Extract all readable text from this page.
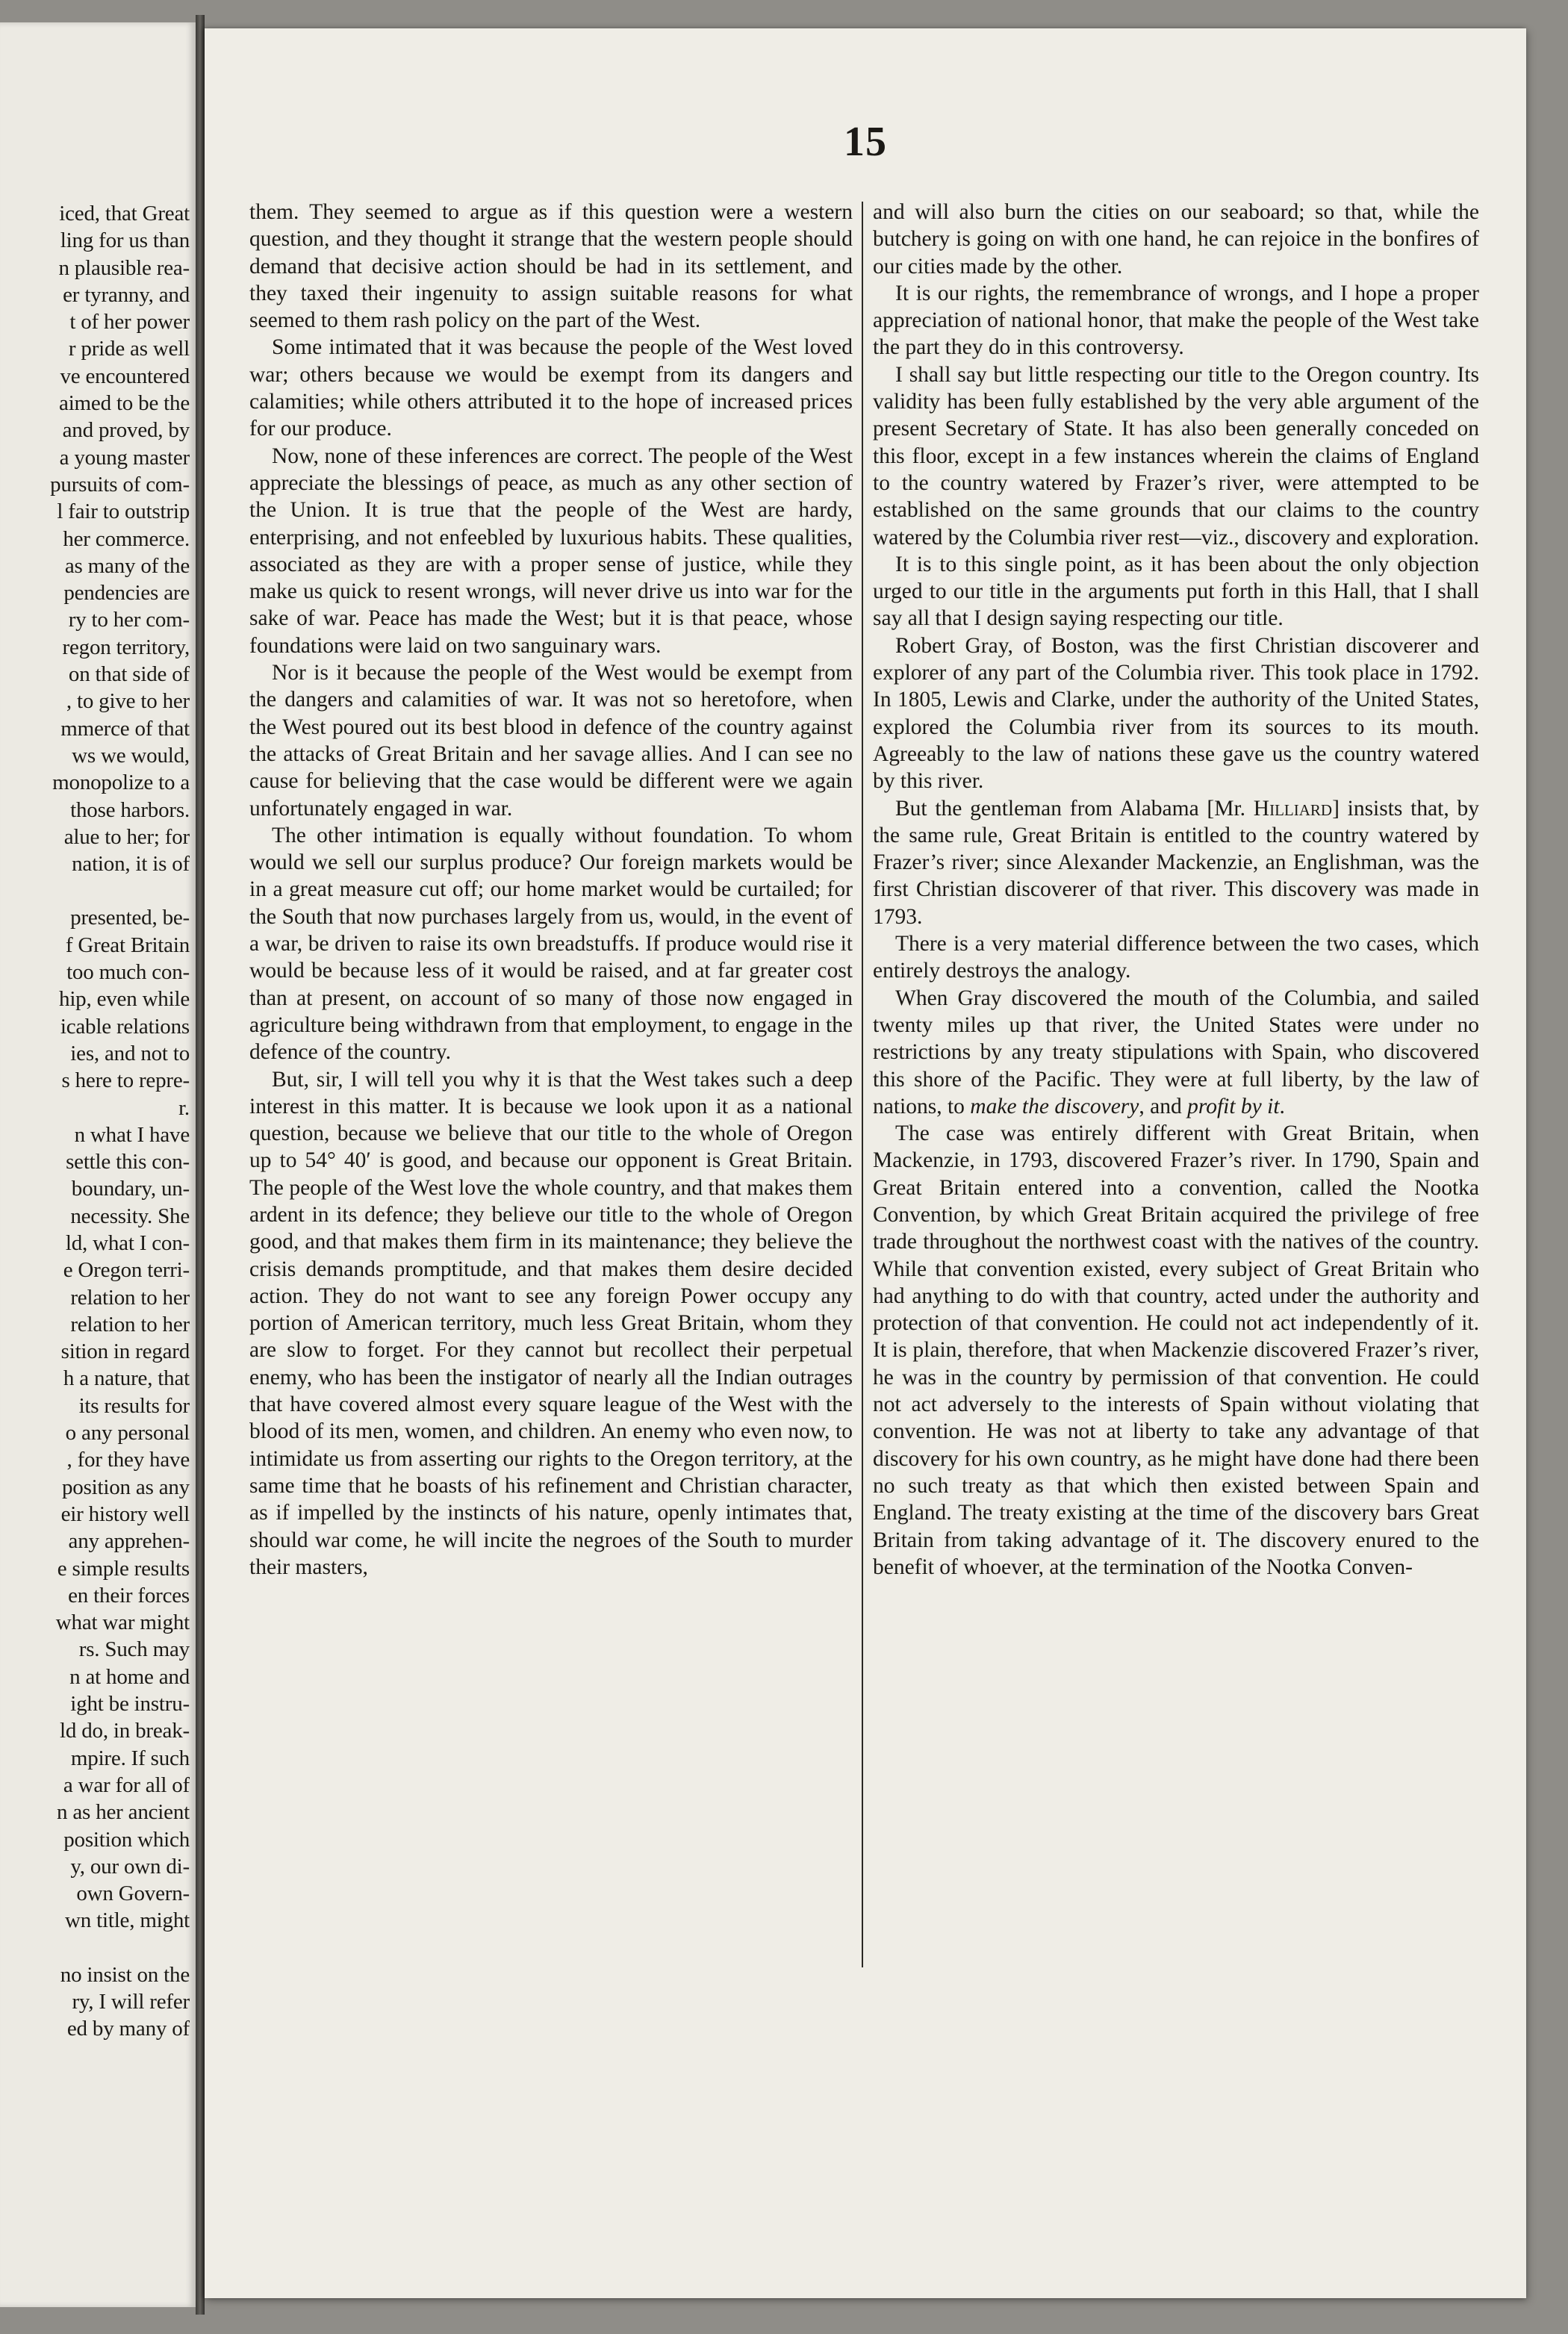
iced, that Great
ling for us than
n plausible rea-
er tyranny, and
t of her power
r pride as well
ve encountered
aimed to be the
and proved, by
a young master
pursuits of com-
l fair to outstrip
her commerce.
as many of the
pendencies are
ry to her com-
regon territory,
on that side of
, to give to her
mmerce of that
ws we would,
monopolize to a
those harbors.
alue to her; for
nation, it is of
presented, be-
f Great Britain
too much con-
hip, even while
icable relations
ies, and not to
s here to repre-
r.
n what I have
settle this con-
boundary, un-
necessity. She
ld, what I con-
e Oregon terri-
relation to her
relation to her
sition in regard
h a nature, that
its results for
o any personal
, for they have
position as any
eir history well
any apprehen-
e simple results
en their forces
what war might
rs. Such may
n at home and
ight be instru-
ld do, in break-
mpire. If such
a war for all of
n as her ancient
position which
y, our own di-
own Govern-
wn title, might
no insist on the
ry, I will refer
ed by many of
15

them. They seemed to argue as if this question were a western question, and they thought it strange that the western people should demand that decisive action should be had in its settlement, and they taxed their ingenuity to assign suitable reasons for what seemed to them rash policy on the part of the West.

Some intimated that it was because the people of the West loved war; others because we would be exempt from its dangers and calamities; while others attributed it to the hope of increased prices for our produce.

Now, none of these inferences are correct. The people of the West appreciate the blessings of peace, as much as any other section of the Union. It is true that the people of the West are hardy, enterprising, and not enfeebled by luxurious habits. These qualities, associated as they are with a proper sense of justice, while they make us quick to resent wrongs, will never drive us into war for the sake of war. Peace has made the West; but it is that peace, whose foundations were laid on two sanguinary wars.

Nor is it because the people of the West would be exempt from the dangers and calamities of war. It was not so heretofore, when the West poured out its best blood in defence of the country against the attacks of Great Britain and her savage allies. And I can see no cause for believing that the case would be different were we again unfortunately engaged in war.

The other intimation is equally without foundation. To whom would we sell our surplus produce? Our foreign markets would be in a great measure cut off; our home market would be curtailed; for the South that now purchases largely from us, would, in the event of a war, be driven to raise its own breadstuffs. If produce would rise it would be because less of it would be raised, and at far greater cost than at present, on account of so many of those now engaged in agriculture being withdrawn from that employment, to engage in the defence of the country.

But, sir, I will tell you why it is that the West takes such a deep interest in this matter. It is because we look upon it as a national question, because we believe that our title to the whole of Oregon up to 54° 40′ is good, and because our opponent is Great Britain. The people of the West love the whole country, and that makes them ardent in its defence; they believe our title to the whole of Oregon good, and that makes them firm in its maintenance; they believe the crisis demands promptitude, and that makes them desire decided action. They do not want to see any foreign Power occupy any portion of American territory, much less Great Britain, whom they are slow to forget. For they cannot but recollect their perpetual enemy, who has been the instigator of nearly all the Indian outrages that have covered almost every square league of the West with the blood of its men, women, and children. An enemy who even now, to intimidate us from asserting our rights to the Oregon territory, at the same time that he boasts of his refinement and Christian character, as if impelled by the instincts of his nature, openly intimates that, should war come, he will incite the negroes of the South to murder their masters,

and will also burn the cities on our seaboard; so that, while the butchery is going on with one hand, he can rejoice in the bonfires of our cities made by the other.

It is our rights, the remembrance of wrongs, and I hope a proper appreciation of national honor, that make the people of the West take the part they do in this controversy.

I shall say but little respecting our title to the Oregon country. Its validity has been fully established by the very able argument of the present Secretary of State. It has also been generally conceded on this floor, except in a few instances wherein the claims of England to the country watered by Frazer’s river, were attempted to be established on the same grounds that our claims to the country watered by the Columbia river rest—viz., discovery and exploration.

It is to this single point, as it has been about the only objection urged to our title in the arguments put forth in this Hall, that I shall say all that I design saying respecting our title.

Robert Gray, of Boston, was the first Christian discoverer and explorer of any part of the Columbia river. This took place in 1792. In 1805, Lewis and Clarke, under the authority of the United States, explored the Columbia river from its sources to its mouth. Agreeably to the law of nations these gave us the country watered by this river.

But the gentleman from Alabama [Mr. Hilliard] insists that, by the same rule, Great Britain is entitled to the country watered by Frazer’s river; since Alexander Mackenzie, an Englishman, was the first Christian discoverer of that river. This discovery was made in 1793.

There is a very material difference between the two cases, which entirely destroys the analogy.

When Gray discovered the mouth of the Columbia, and sailed twenty miles up that river, the United States were under no restrictions by any treaty stipulations with Spain, who discovered this shore of the Pacific. They were at full liberty, by the law of nations, to make the discovery, and profit by it.

The case was entirely different with Great Britain, when Mackenzie, in 1793, discovered Frazer’s river. In 1790, Spain and Great Britain entered into a convention, called the Nootka Convention, by which Great Britain acquired the privilege of free trade throughout the northwest coast with the natives of the country. While that convention existed, every subject of Great Britain who had anything to do with that country, acted under the authority and protection of that convention. He could not act independently of it. It is plain, therefore, that when Mackenzie discovered Frazer’s river, he was in the country by permission of that convention. He could not act adversely to the interests of Spain without violating that convention. He was not at liberty to take any advantage of that discovery for his own country, as he might have done had there been no such treaty as that which then existed between Spain and England. The treaty existing at the time of the discovery bars Great Britain from taking advantage of it. The discovery enured to the benefit of whoever, at the termination of the Nootka Conven-
